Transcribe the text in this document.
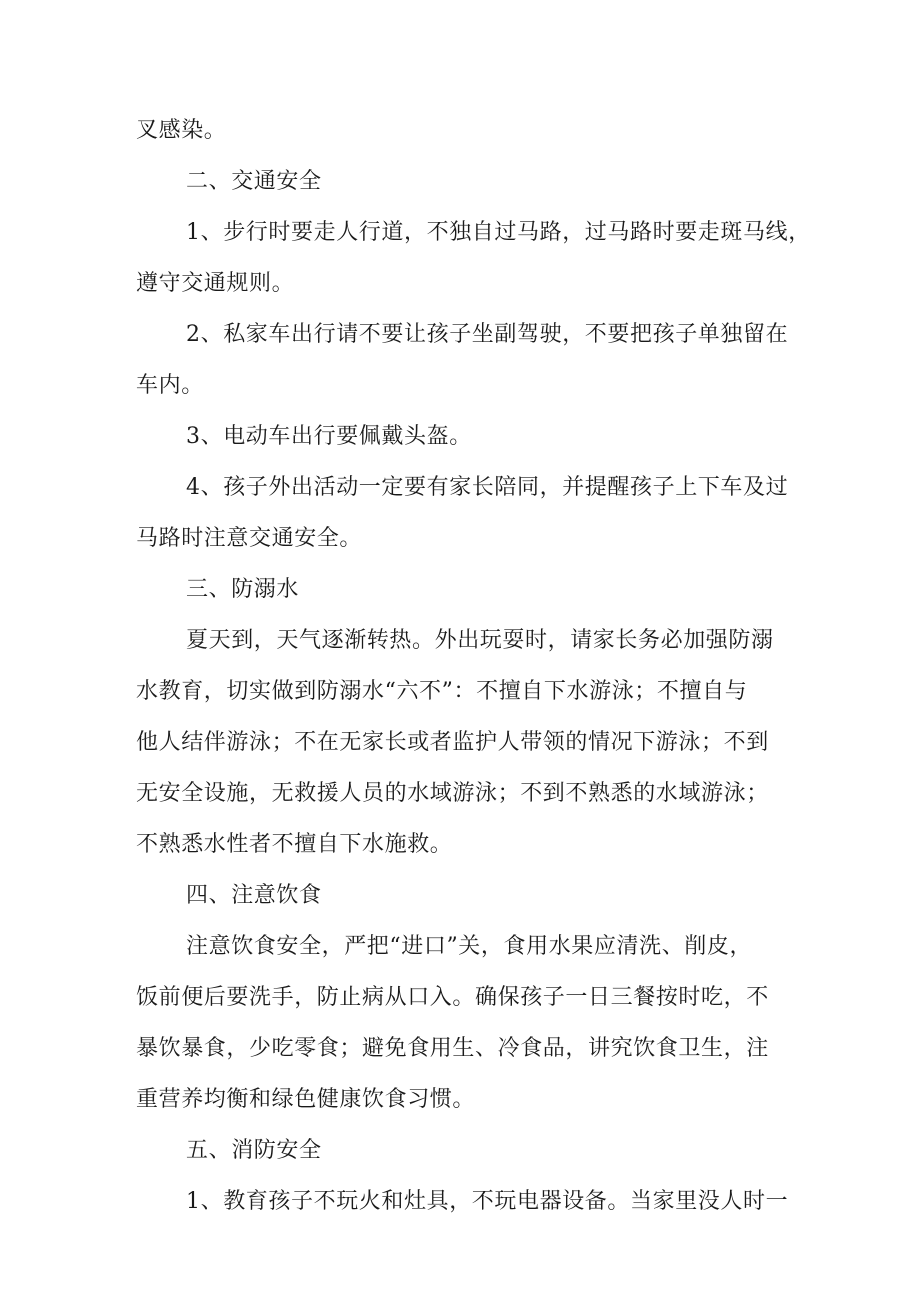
叉感染。
二、交通安全
1、步行时要走人行道，不独自过马路，过马路时要走斑马线，
遵守交通规则。
2、私家车出行请不要让孩子坐副驾驶，不要把孩子单独留在
车内。
3、电动车出行要佩戴头盔。
4、孩子外出活动一定要有家长陪同，并提醒孩子上下车及过
马路时注意交通安全。
三、防溺水
夏天到，天气逐渐转热。外出玩耍时，请家长务必加强防溺
水教育，切实做到防溺水“六不”：不擅自下水游泳；不擅自与
他人结伴游泳；不在无家长或者监护人带领的情况下游泳；不到
无安全设施，无救援人员的水域游泳；不到不熟悉的水域游泳；
不熟悉水性者不擅自下水施救。
四、注意饮食
注意饮食安全，严把“进口”关，食用水果应清洗、削皮，
饭前便后要洗手，防止病从口入。确保孩子一日三餐按时吃，不
暴饮暴食，少吃零食；避免食用生、冷食品，讲究饮食卫生，注
重营养均衡和绿色健康饮食习惯。
五、消防安全
1、教育孩子不玩火和灶具，不玩电器设备。当家里没人时一
